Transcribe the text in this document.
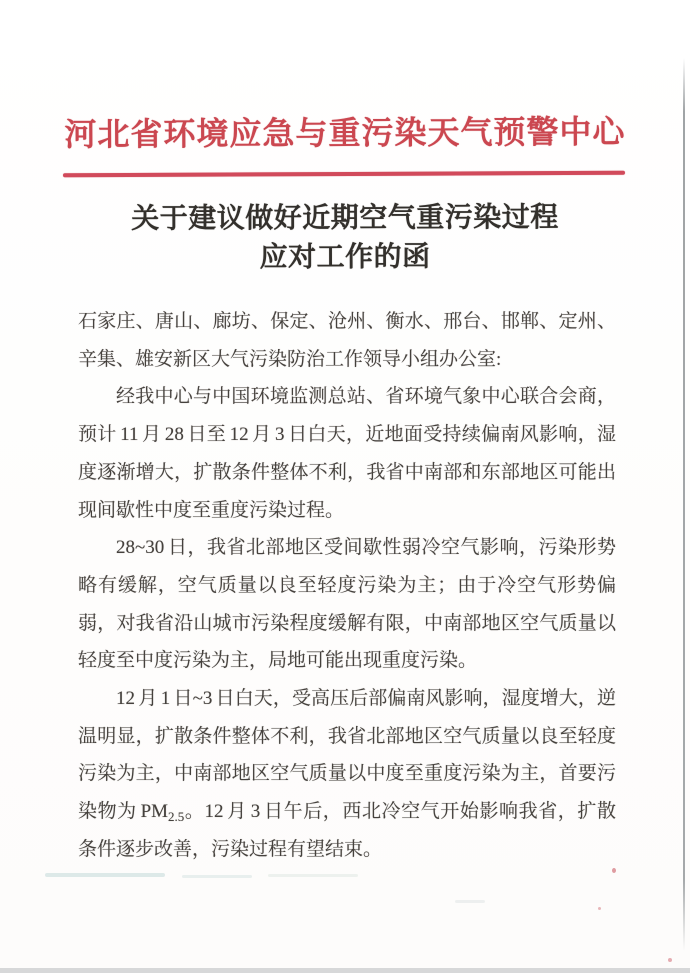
河北省环境应急与重污染天气预警中心
关于建议做好近期空气重污染过程
应对工作的函

石家庄、唐山、廊坊、保定、沧州、衡水、邢台、邯郸、定州、辛集、雄安新区大气污染防治工作领导小组办公室:

经我中心与中国环境监测总站、省环境气象中心联合会商，预计 11 月 28 日至 12 月 3 日白天，近地面受持续偏南风影响，湿度逐渐增大，扩散条件整体不利，我省中南部和东部地区可能出现间歇性中度至重度污染过程。

28~30 日，我省北部地区受间歇性弱冷空气影响，污染形势略有缓解，空气质量以良至轻度污染为主；由于冷空气形势偏弱，对我省沿山城市污染程度缓解有限，中南部地区空气质量以轻度至中度污染为主，局地可能出现重度污染。

12 月 1 日~3 日白天，受高压后部偏南风影响，湿度增大，逆温明显，扩散条件整体不利，我省北部地区空气质量以良至轻度污染为主，中南部地区空气质量以中度至重度污染为主，首要污染物为 $PM_{2.5}$。12 月 3 日午后，西北冷空气开始影响我省，扩散条件逐步改善，污染过程有望结束。
